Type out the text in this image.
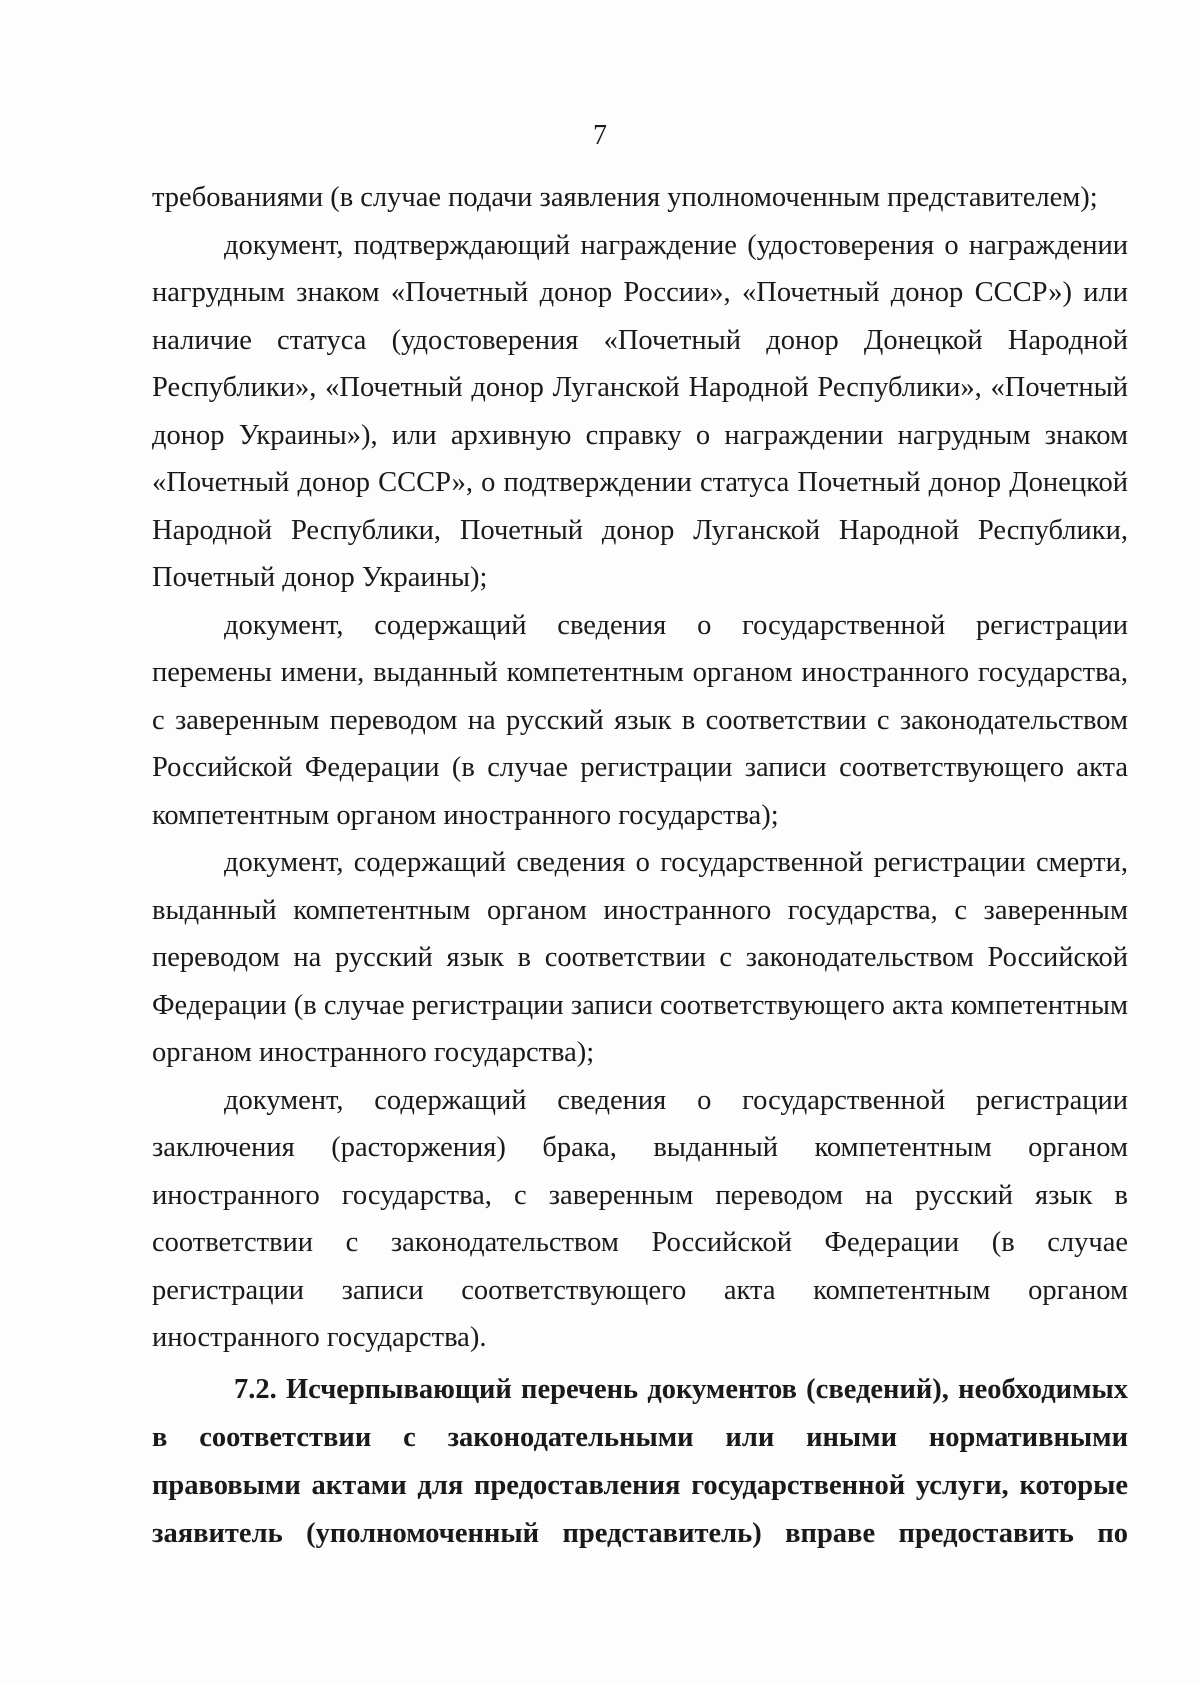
7

требованиями (в случае подачи заявления уполномоченным представителем);

документ, подтверждающий награждение (удостоверения о награждении нагрудным знаком «Почетный донор России», «Почетный донор СССР») или наличие статуса (удостоверения «Почетный донор Донецкой Народной Республики», «Почетный донор Луганской Народной Республики», «Почетный донор Украины»), или архивную справку о награждении нагрудным знаком «Почетный донор СССР», о подтверждении статуса Почетный донор Донецкой Народной Республики, Почетный донор Луганской Народной Республики, Почетный донор Украины);

документ, содержащий сведения о государственной регистрации перемены имени, выданный компетентным органом иностранного государства, с заверенным переводом на русский язык в соответствии с законодательством Российской Федерации (в случае регистрации записи соответствующего акта компетентным органом иностранного государства);

документ, содержащий сведения о государственной регистрации смерти, выданный компетентным органом иностранного государства, с заверенным переводом на русский язык в соответствии с законодательством Российской Федерации (в случае регистрации записи соответствующего акта компетентным органом иностранного государства);

документ, содержащий сведения о государственной регистрации заключения (расторжения) брака, выданный компетентным органом иностранного государства, с заверенным переводом на русский язык в соответствии с законодательством Российской Федерации (в случае регистрации записи соответствующего акта компетентным органом иностранного государства).

7.2. Исчерпывающий перечень документов (сведений), необходимых в соответствии с законодательными или иными нормативными правовыми актами для предоставления государственной услуги, которые заявитель (уполномоченный представитель) вправе предоставить по
